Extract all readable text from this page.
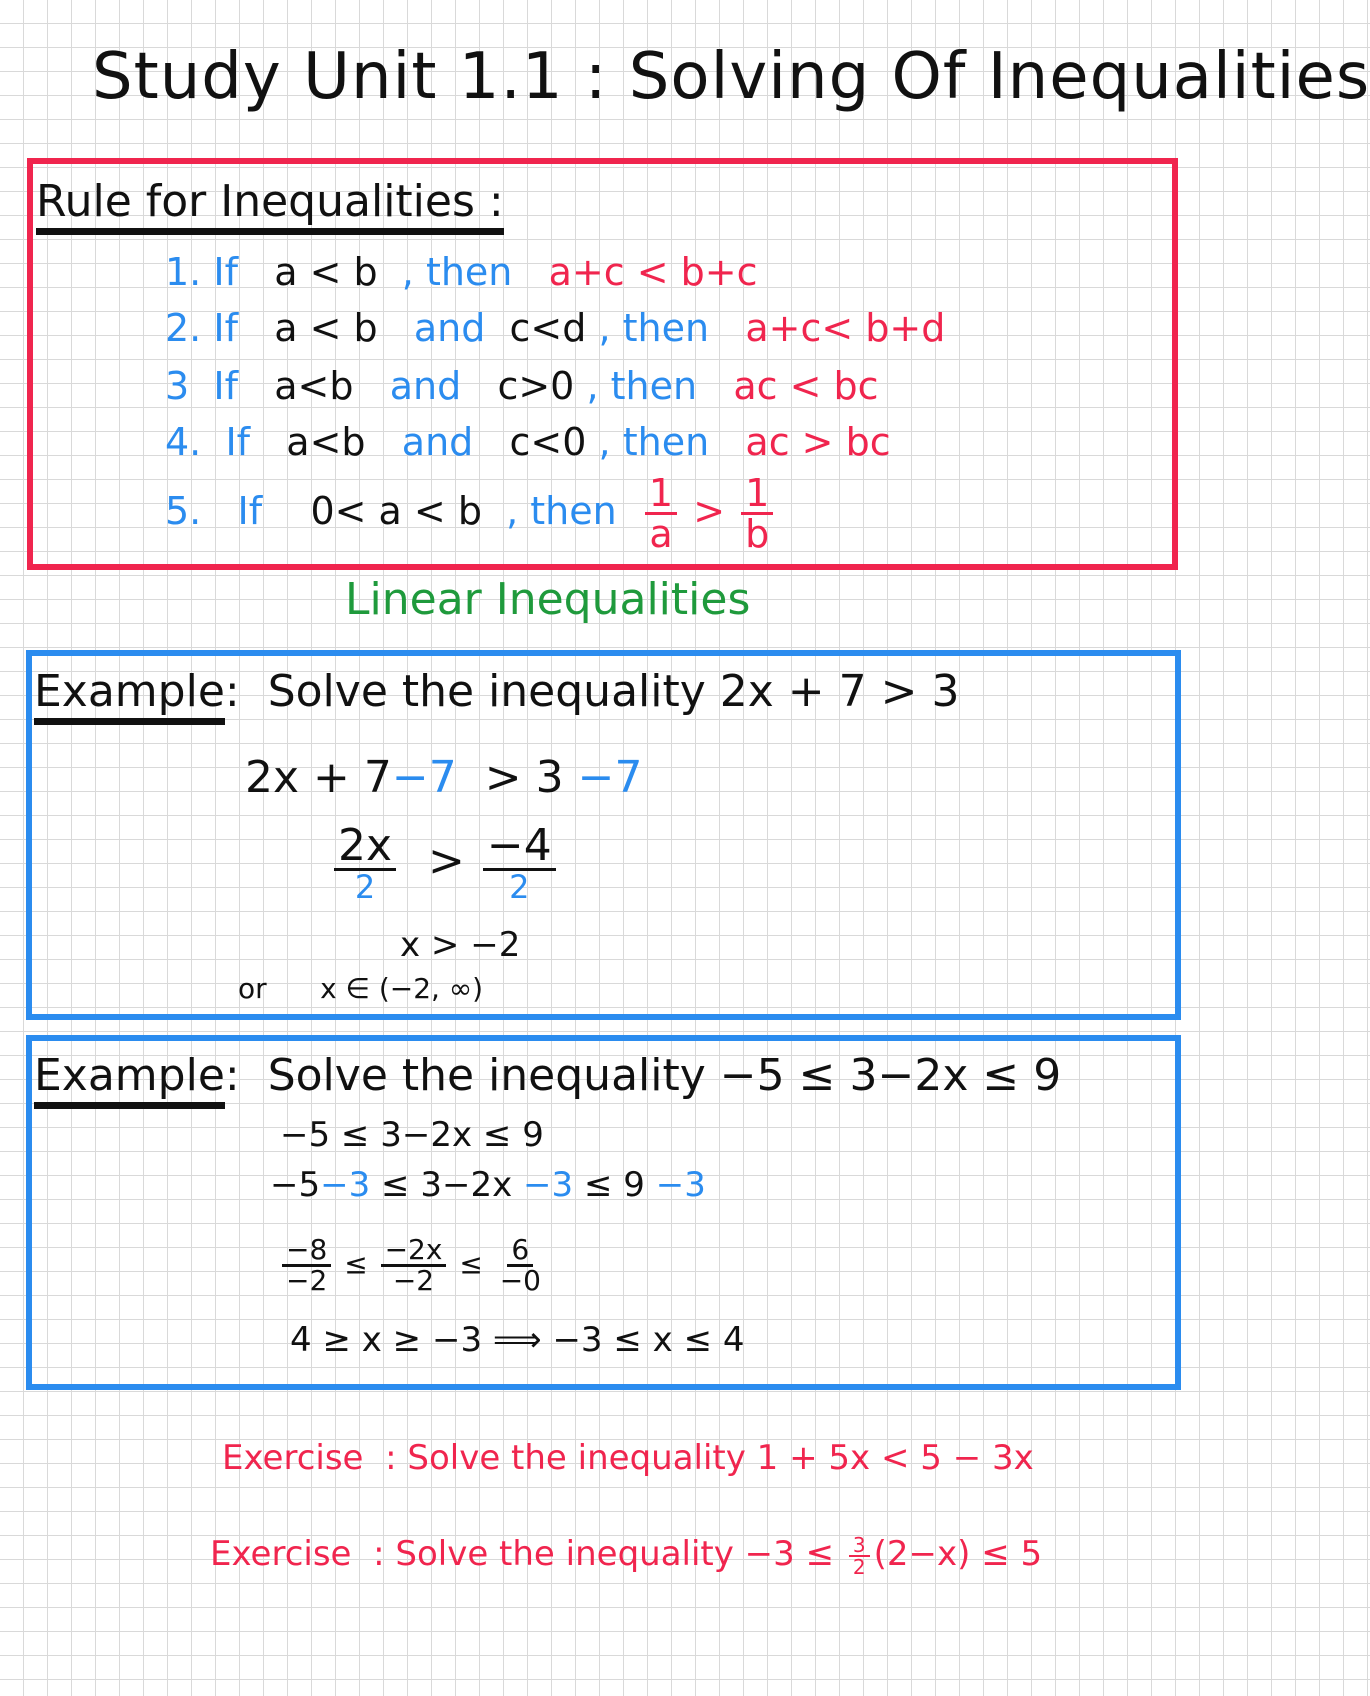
Study Unit 1.1 : Solving Of Inequalities
Rule for Inequalities :
1. If a < b , then a+c < b+c
2. If a < b and c<d , then a+c< b+d
3 If a<b and c>0 , then ac < bc
4. If a<b and c<0 , then ac > bc
5. If 0< a < b , then $\frac{1}{a} > \frac{1}{b}$
Linear Inequalities
Example: Solve the inequality 2x + 7 > 3
2x + 7−7 > 3 −7
$\frac{2x}{2} > \frac{-4}{2}$
x > −2
or x ∈ (−2, ∞)
Example: Solve the inequality −5 ≤ 3−2x ≤ 9
−5 ≤ 3−2x ≤ 9
−5−3 ≤ 3−2x −3 ≤ 9 −3
$\frac{-8}{-2} \le \frac{-2x}{-2} \le \frac{6}{-0}$
4 ≥ x ≥ −3 ⟹ −3 ≤ x ≤ 4
Exercise : Solve the inequality 1 + 5x < 5 − 3x
Exercise : Solve the inequality $-3 \le \frac{3}{2} (2-x) \le 5$
